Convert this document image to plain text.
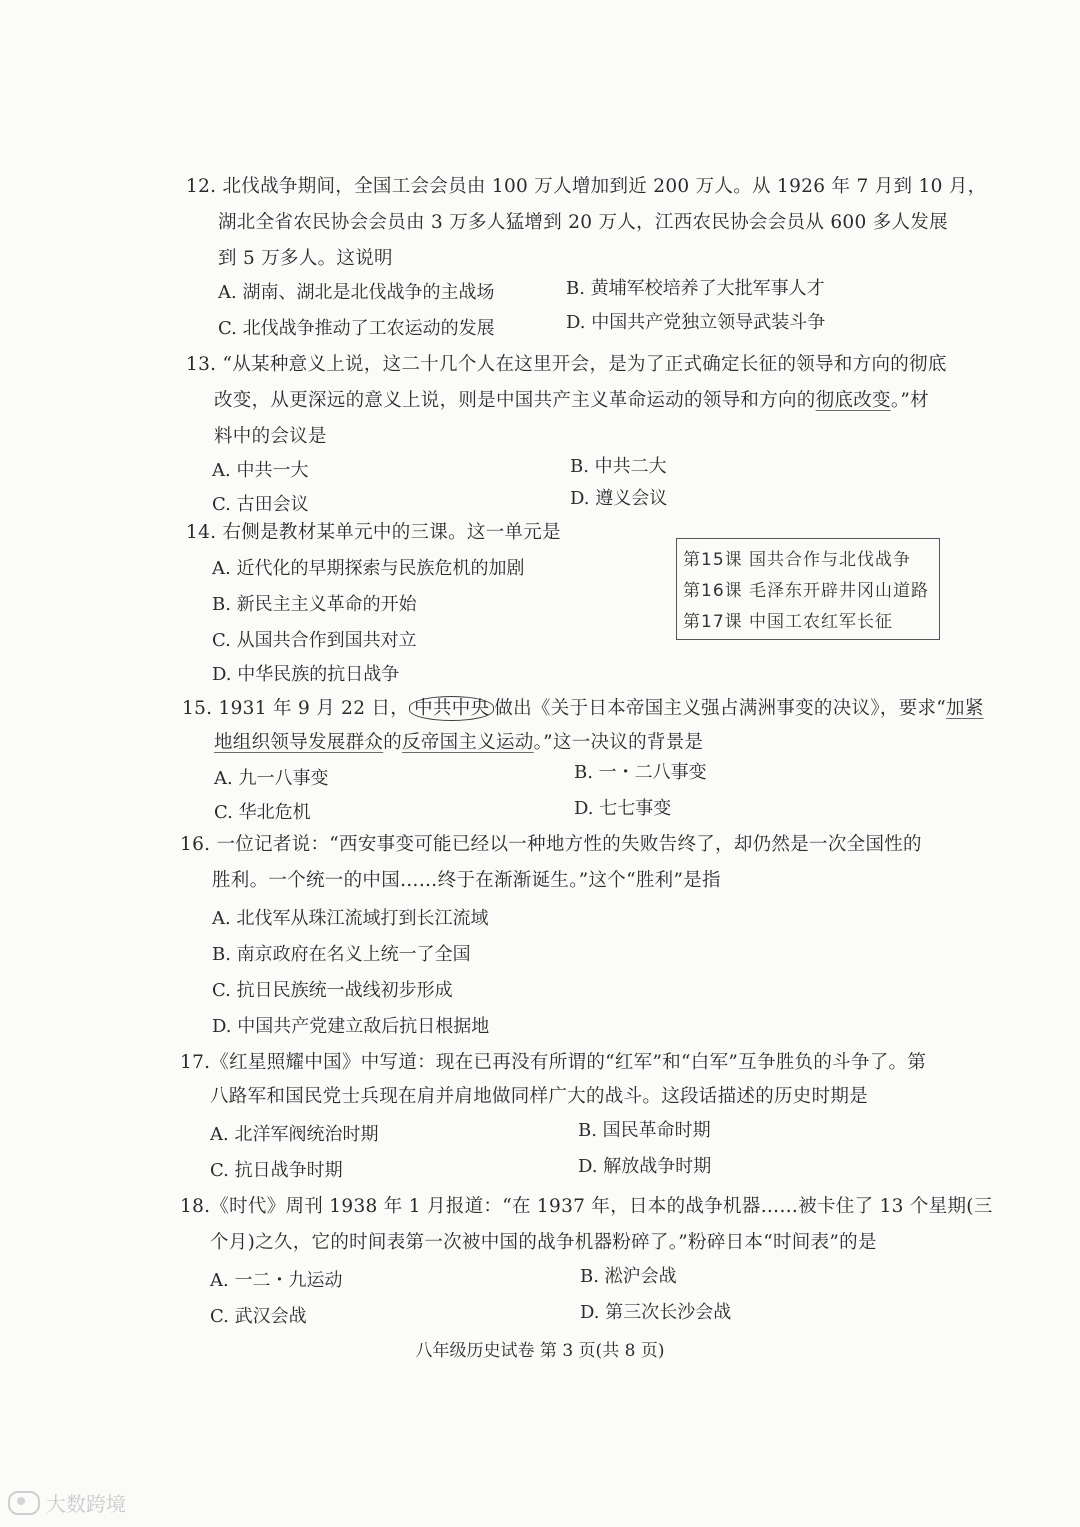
12. 北伐战争期间，全国工会会员由 100 万人增加到近 200 万人。从 1926 年 7 月到 10 月，
湖北全省农民协会会员由 3 万多人猛增到 20 万人，江西农民协会会员从 600 多人发展
到 5 万多人。这说明
A. 湖南、湖北是北伐战争的主战场	B. 黄埔军校培养了大批军事人才
C. 北伐战争推动了工农运动的发展	D. 中国共产党独立领导武装斗争
13. “从某种意义上说，这二十几个人在这里开会，是为了正式确定长征的领导和方向的彻底
改变，从更深远的意义上说，则是中国共产主义革命运动的领导和方向的彻底改变。”材
料中的会议是
A. 中共一大	B. 中共二大
C. 古田会议	D. 遵义会议
14. 右侧是教材某单元中的三课。这一单元是
A. 近代化的早期探索与民族危机的加剧
B. 新民主主义革命的开始
C. 从国共合作到国共对立
D. 中华民族的抗日战争
第15课 国共合作与北伐战争
第16课 毛泽东开辟井冈山道路
第17课 中国工农红军长征
15. 1931 年 9 月 22 日， 中共中央 做出《关于日本帝国主义强占满洲事变的决议》，要求“加紧
地组织领导发展群众的反帝国主义运动。”这一决议的背景是
A. 九一八事变	B. 一・二八事变
C. 华北危机	D. 七七事变
16. 一位记者说：“西安事变可能已经以一种地方性的失败告终了，却仍然是一次全国性的
胜利。一个统一的中国……终于在渐渐诞生。”这个“胜利”是指
A. 北伐军从珠江流域打到长江流域
B. 南京政府在名义上统一了全国
C. 抗日民族统一战线初步形成
D. 中国共产党建立敌后抗日根据地
17.《红星照耀中国》中写道：现在已再没有所谓的“红军”和“白军”互争胜负的斗争了。第
八路军和国民党士兵现在肩并肩地做同样广大的战斗。这段话描述的历史时期是
A. 北洋军阀统治时期	B. 国民革命时期
C. 抗日战争时期	D. 解放战争时期
18.《时代》周刊 1938 年 1 月报道：“在 1937 年，日本的战争机器……被卡住了 13 个星期(三
个月)之久，它的时间表第一次被中国的战争机器粉碎了。”粉碎日本“时间表”的是
A. 一二・九运动	B. 淞沪会战
C. 武汉会战	D. 第三次长沙会战
八年级历史试卷 第 3 页(共 8 页)
大数跨境
